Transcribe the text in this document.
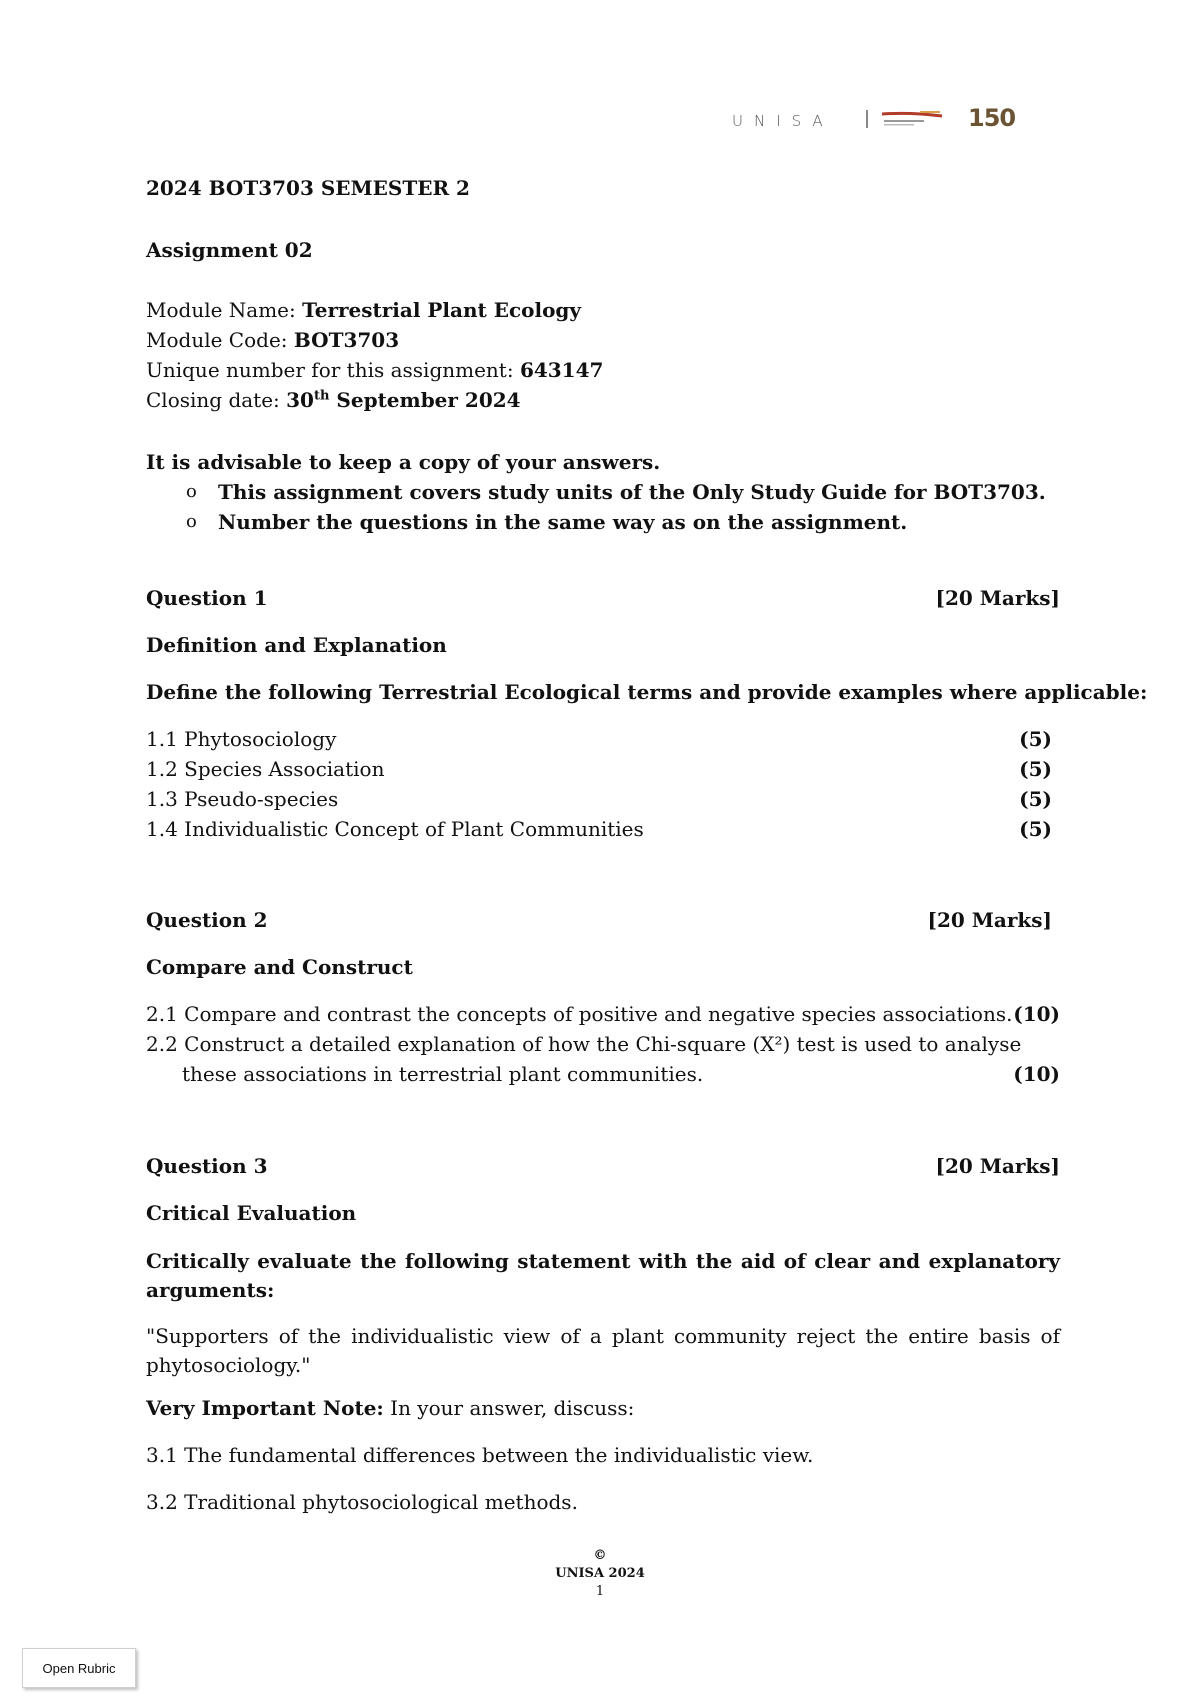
UNISA	150
2024 BOT3703 SEMESTER 2
Assignment 02
Module Name: Terrestrial Plant Ecology
Module Code: BOT3703
Unique number for this assignment: 643147
Closing date: 30th September 2024
It is advisable to keep a copy of your answers.
o This assignment covers study units of the Only Study Guide for BOT3703.
o Number the questions in the same way as on the assignment.
Question 1	[20 Marks]
Definition and Explanation
Define the following Terrestrial Ecological terms and provide examples where applicable:
1.1 Phytosociology	(5)
1.2 Species Association	(5)
1.3 Pseudo-species	(5)
1.4 Individualistic Concept of Plant Communities	(5)
Question 2	[20 Marks]
Compare and Construct
2.1 Compare and contrast the concepts of positive and negative species associations. (10)
2.2 Construct a detailed explanation of how the Chi-square (X²) test is used to analyse
these associations in terrestrial plant communities.	(10)
Question 3	[20 Marks]
Critical Evaluation
Critically evaluate the following statement with the aid of clear and explanatory arguments:
"Supporters of the individualistic view of a plant community reject the entire basis of phytosociology."
Very Important Note: In your answer, discuss:
3.1 The fundamental differences between the individualistic view.
3.2 Traditional phytosociological methods.
©
UNISA 2024
1
Open Rubric
